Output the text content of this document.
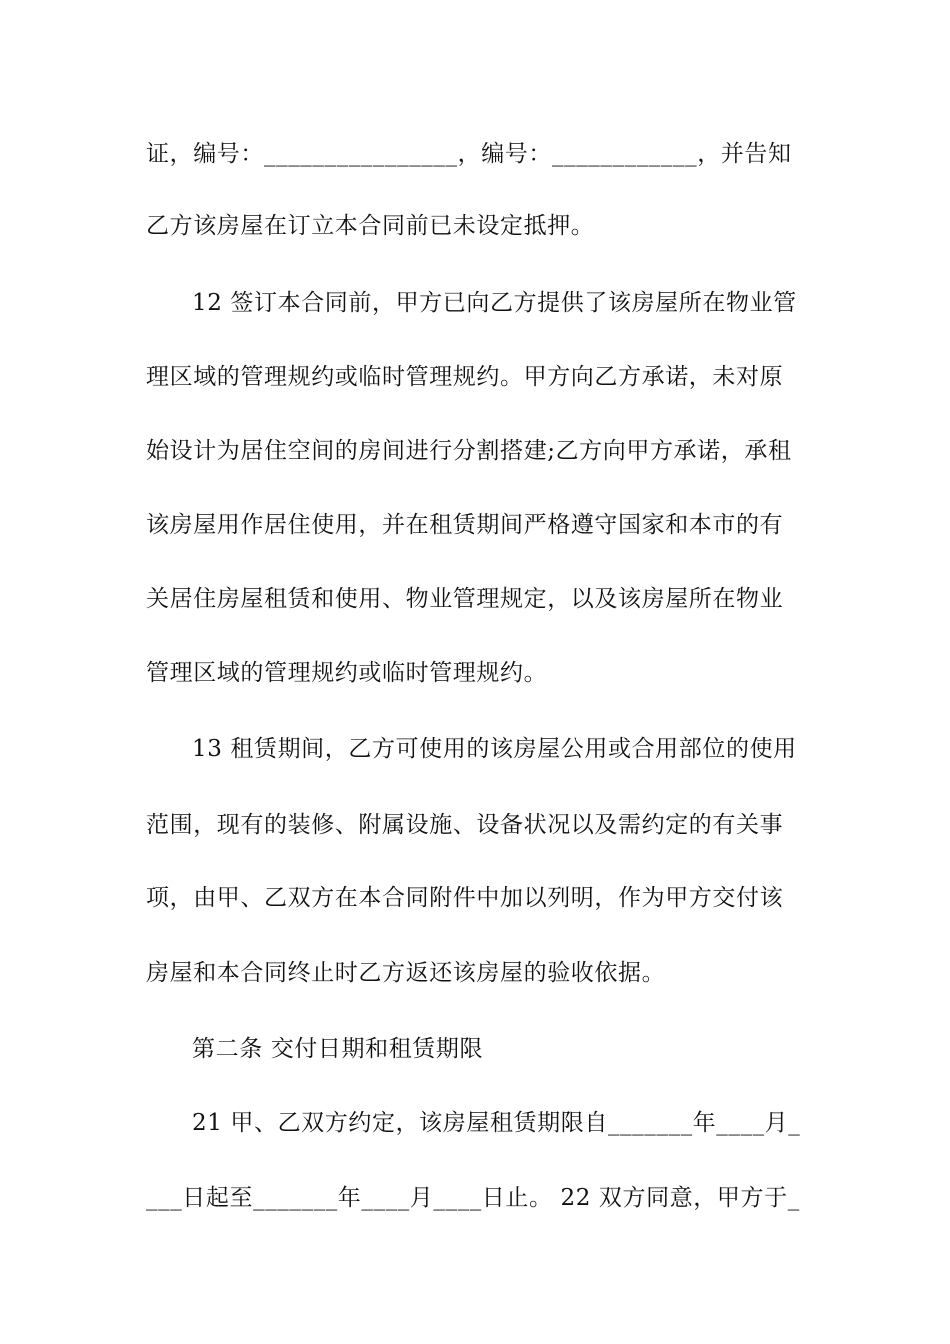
证，编号：________________，编号：____________，并告知
乙方该房屋在订立本合同前已未设定抵押。
12 签订本合同前，甲方已向乙方提供了该房屋所在物业管
理区域的管理规约或临时管理规约。甲方向乙方承诺，未对原
始设计为居住空间的房间进行分割搭建;乙方向甲方承诺，承租
该房屋用作居住使用，并在租赁期间严格遵守国家和本市的有
关居住房屋租赁和使用、物业管理规定，以及该房屋所在物业
管理区域的管理规约或临时管理规约。
13 租赁期间，乙方可使用的该房屋公用或合用部位的使用
范围，现有的装修、附属设施、设备状况以及需约定的有关事
项，由甲、乙双方在本合同附件中加以列明，作为甲方交付该
房屋和本合同终止时乙方返还该房屋的验收依据。
第二条 交付日期和租赁期限
21 甲、乙双方约定，该房屋租赁期限自_______年____月_
___日起至_______年____月____日止。 22 双方同意，甲方于_
